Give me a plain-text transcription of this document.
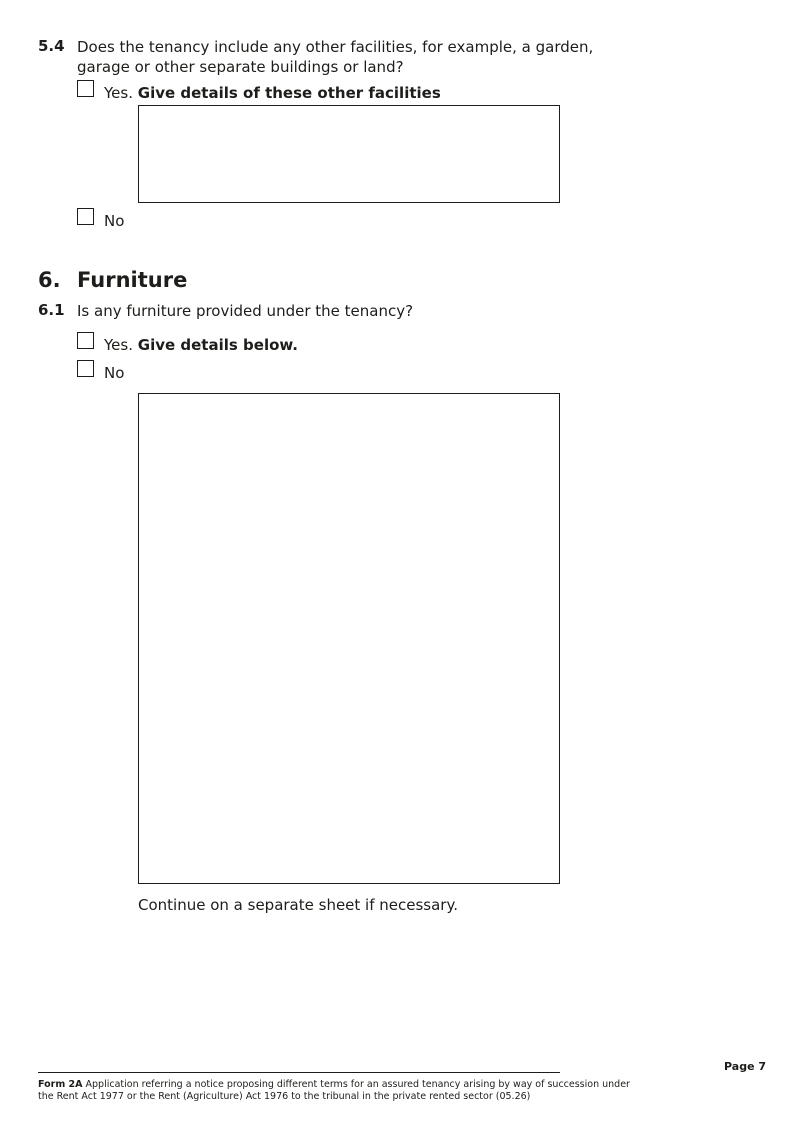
5.4 Does the tenancy include any other facilities, for example, a garden,
garage or other separate buildings or land?
Yes. Give details of these other facilities
No
6. Furniture
6.1 Is any furniture provided under the tenancy?
Yes. Give details below.
No
Continue on a separate sheet if necessary.
Page 7
Form 2A Application referring a notice proposing different terms for an assured tenancy arising by way of succession under
the Rent Act 1977 or the Rent (Agriculture) Act 1976 to the tribunal in the private rented sector (05.26)
